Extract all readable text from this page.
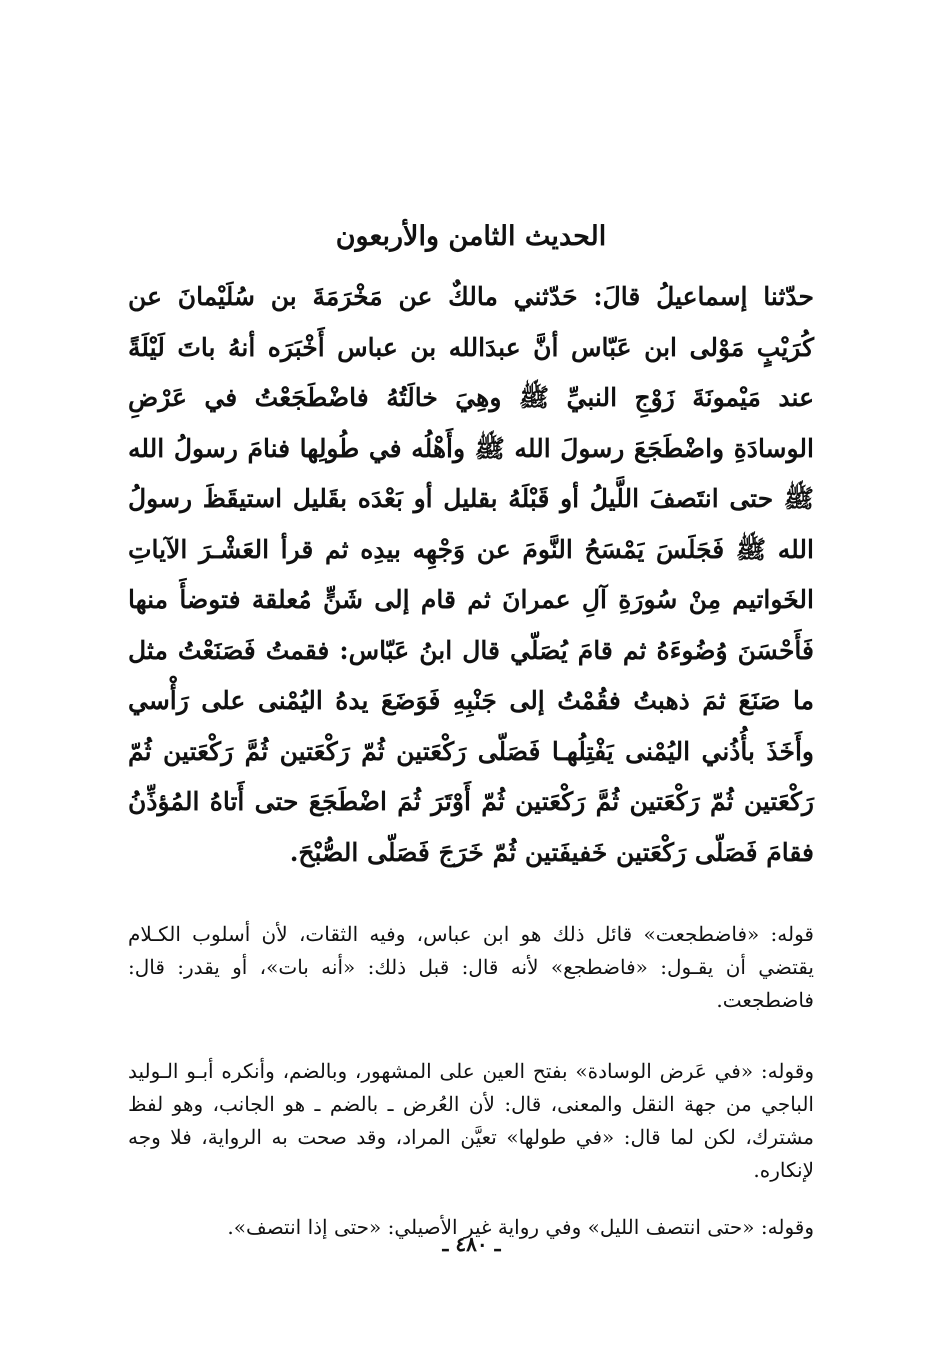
الحديث الثامن والأربعون

حدّثنا إسماعيلُ قالَ: حَدّثني مالكٌ عن مَخْرَمَةَ بن سُلَيْمانَ عن كُرَيْبٍ مَوْلى ابن عَبّاس أنَّ عبدَالله بن عباس أَخْبَرَه أنهُ باتَ لَيْلَةً عند مَيْمونَةَ زَوْجِ النبيِّ ﷺ وهِيَ خالَتُهُ فاضْطَجَعْتُ في عَرْضِ الوسادَةِ واضْطَجَعَ رسولَ الله ﷺ وأَهْلُه في طُولِها فنامَ رسولُ الله ﷺ حتى انتَصفَ اللَّيلُ أو قَبْلَهُ بقليل أو بَعْدَه بقَليل استيقَظَ رسولُ الله ﷺ فَجَلَسَ يَمْسَحُ النَّومَ عن وَجْهِه بيدِه ثم قرأ العَشْـرَ الآياتِ الخَواتيم مِنْ سُورَةِ آلِ عمرانَ ثم قام إلى شَنٍّ مُعلقة فتوضأَ منها فَأَحْسَنَ وُضُوءَهُ ثم قامَ يُصَلّي قال ابنُ عَبّاس: فقمتُ فَصَنَعْتُ مثل ما صَنَعَ ثمَ ذهبتُ فقُمْتُ إلى جَنْبِهِ فَوَضَعَ يدهُ اليُمْنى على رَأْسي وأَخَذَ بأُذُني اليُمْنى يَفْتِلُهـا فَصَلّى رَكْعَتين ثُمّ رَكْعَتين ثُمَّ رَكْعَتين ثُمّ رَكْعَتين ثُمّ رَكْعَتين ثُمَّ رَكْعَتين ثُمّ أَوْتَرَ ثُمَ اضْطَجَعَ حتى أَتاهُ المُؤذِّنُ فقامَ فَصَلّى رَكْعَتين خَفيفَتين ثُمّ خَرَجَ فَصَلّى الصُّبْحَ.

قوله: «فاضطجعت» قائل ذلك هو ابن عباس، وفيه الثقات، لأن أسلوب الكـلام يقتضي أن يقـول: «فاضطجع» لأنه قال: قبل ذلك: «أنه بات»، أو يقدر: قال: فاضطجعت.

وقوله: «في عَرض الوسادة» بفتح العين على المشهور، وبالضم، وأنكره أبـو الـوليد الباجي من جهة النقل والمعنى، قال: لأن العُرض ـ بالضم ـ هو الجانب، وهو لفظ مشترك، لكن لما قال: «في طولها» تعيَّن المراد، وقد صحت به الرواية، فلا وجه لإنكاره.

وقوله: «حتى انتصف الليل» وفي رواية غير الأصيلي: «حتى إذا انتصف».

ـ ٤٨٠ ـ
